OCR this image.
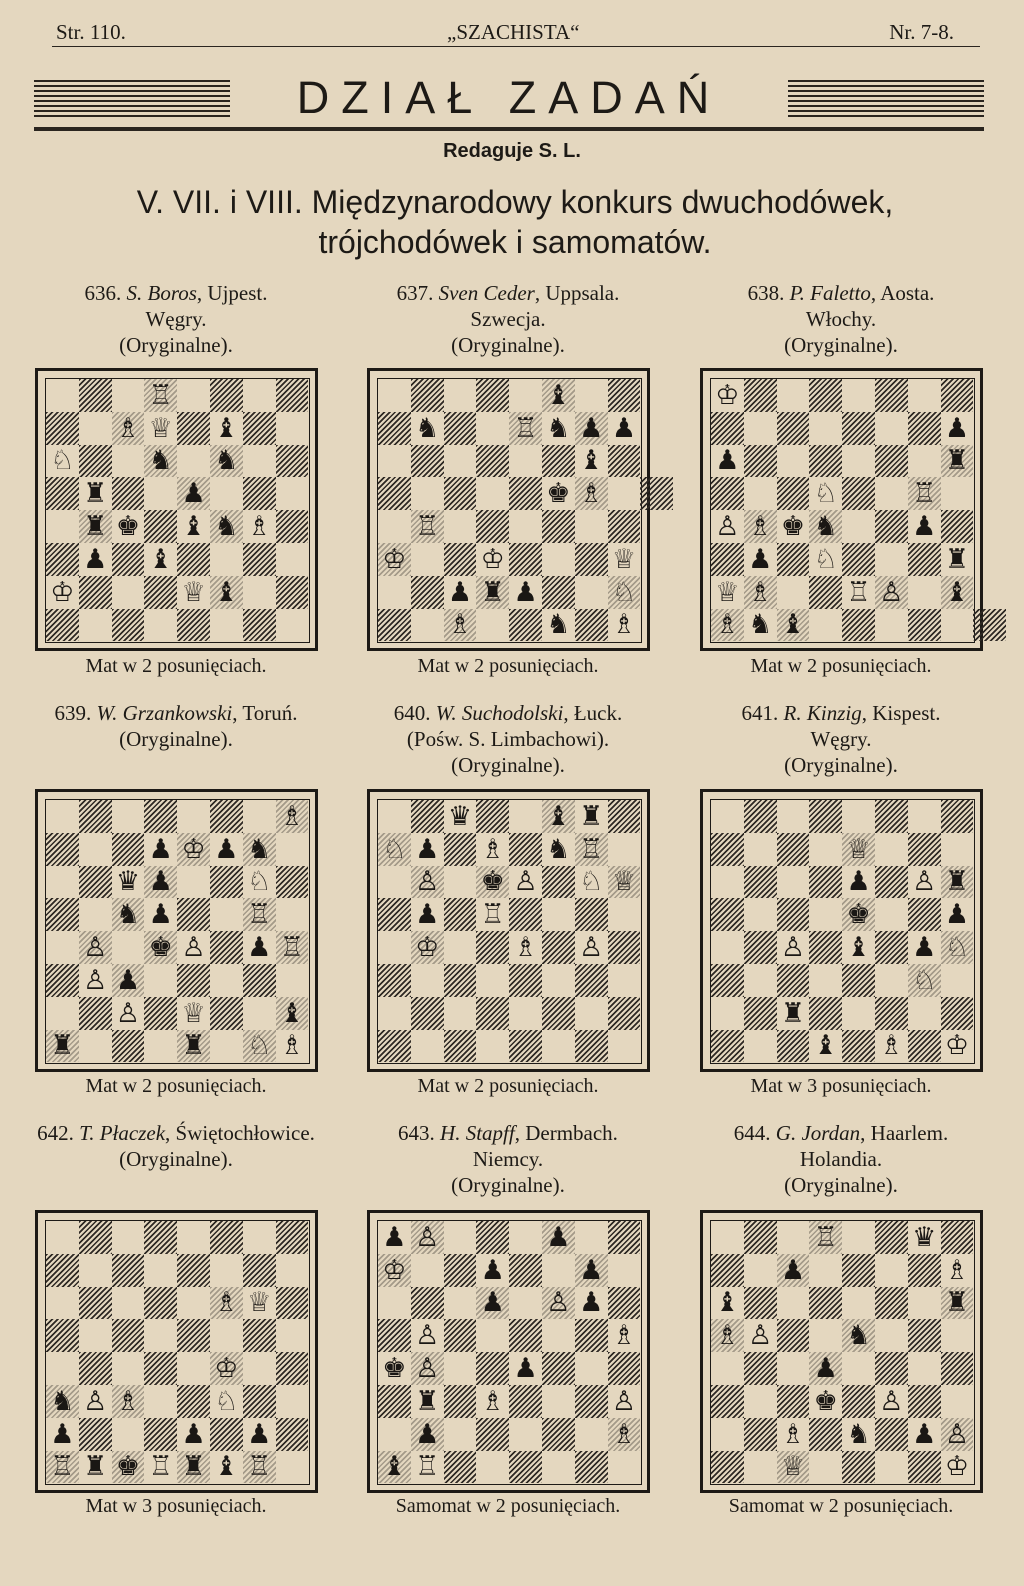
Str. 110.	„SZACHISTA“	Nr. 7-8.
DZIAŁ ZADAŃ
Redaguje S. L.
V. VII. i VIII. Międzynarodowy konkurs dwuchodówek,
trójchodówek i samomatów.
636. S. Boros, Ujpest.
Węgry.
(Oryginalne).
♖
♗ ♕ ♝
♘	♞ ♞
♜	♟
♜ ♚ ♝ ♞ ♗
♟ ♝
♔	♕ ♝
Mat w 2 posunięciach.
637. Sven Ceder, Uppsala.
Szwecja.
(Oryginalne).
♝
♞	♖ ♞ ♟ ♟
♝
♚ ♗
♖
♔	♔	♕
♟ ♜ ♟	♘
♗	♞ ♗
Mat w 2 posunięciach.
638. P. Faletto, Aosta.
Włochy.
(Oryginalne).
♔
♟
♟	♜
♘	♖
♙ ♗ ♚ ♞	♟
♟ ♘	♜
♕ ♗	♖ ♙ ♝
♗ ♞ ♝
Mat w 2 posunięciach.
639. W. Grzankowski, Toruń.
(Oryginalne).
♗
♟ ♔ ♟ ♞
♛ ♟	♘
♞ ♟	♖
♙ ♚ ♙ ♟ ♖
♙ ♟
♙ ♕	♝
♜	♜ ♘ ♗
Mat w 2 posunięciach.
640. W. Suchodolski, Łuck.
(Pośw. S. Limbachowi).
(Oryginalne).
♛	♝ ♜
♘ ♟ ♗ ♞ ♖
♙ ♚ ♙ ♘ ♕
♟ ♖
♔	♗ ♙
Mat w 2 posunięciach.
641. R. Kinzig, Kispest.
Węgry.
(Oryginalne).
♕
♟ ♙ ♜
♚	♟
♙ ♝ ♟ ♘
♘
♜
♝ ♗ ♔
Mat w 3 posunięciach.
642. T. Płaczek, Świętochłowice.
(Oryginalne).
♗ ♕
♔
♞ ♙ ♗	♘
♟	♟ ♟
♖ ♜ ♚ ♖ ♜ ♝ ♖
Mat w 3 posunięciach.
643. H. Stapff, Dermbach.
Niemcy.
(Oryginalne).
♟ ♙	♟
♔	♟	♟
♟ ♙ ♟
♙	♗
♚ ♙	♟
♜ ♗	♙
♟	♗
♝ ♖
Samomat w 2 posunięciach.
644. G. Jordan, Haarlem.
Holandia.
(Oryginalne).
♖	♛
♟	♗
♝	♜
♗ ♙	♞
♟
♚ ♙
♗ ♞ ♟ ♙
♕	♔
Samomat w 2 posunięciach.
